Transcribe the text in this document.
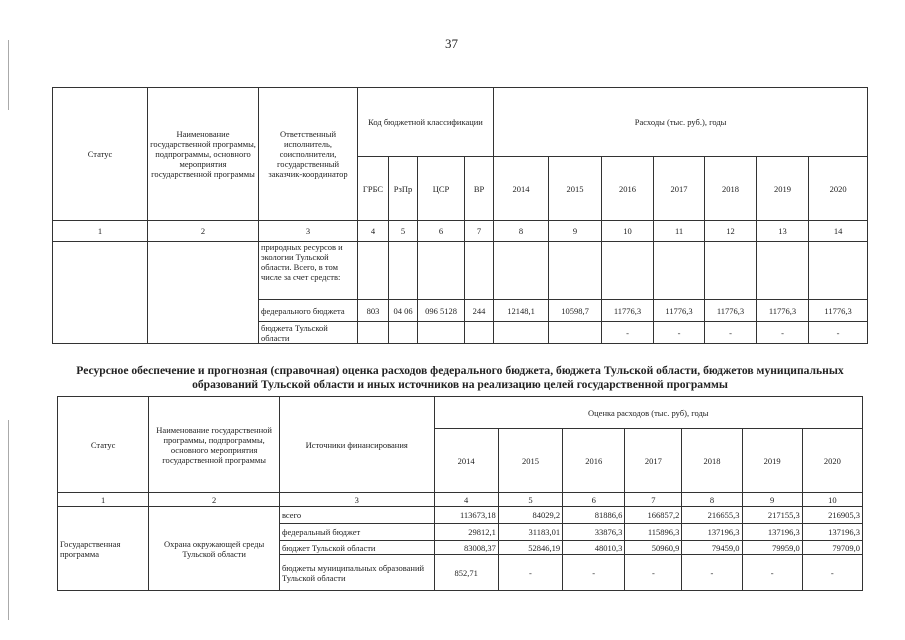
37
Статус	Наименование государственной программы, подпрограммы, основного мероприятия государственной программы	Ответственный исполнитель, соисполнители, государственный заказчик-координатор	Код бюджетной классификации				Расходы (тыс. руб.), годы						
			ГРБС	РзПр	ЦСР	ВР	2014	2015	2016	2017	2018	2019	2020
1	2	3	4	5	6	7	8	9	10	11	12	13	14
		природных ресурсов и экологии Тульской области. Всего, в том числе за счет средств:											
		федерального бюджета	803	04 06	096 5128	244	12148,1	10598,7	11776,3	11776,3	11776,3	11776,3	11776,3
		бюджета Тульской области							-	-	-	-	-
Ресурсное обеспечение и прогнозная (справочная) оценка расходов федерального бюджета, бюджета Тульской области, бюджетов муниципальных образований Тульской области и иных источников на реализацию целей государственной программы
Статус	Наименование государственной программы, подпрограммы, основного мероприятия государственной программы	Источники финансирования	Оценка расходов (тыс. руб), годы						
			2014	2015	2016	2017	2018	2019	2020
1	2	3	4	5	6	7	8	9	10
Государственная программа	Охрана окружающей среды Тульской области	всего	113673,18	84029,2	81886,6	166857,2	216655,3	217155,3	216905,3
		федеральный бюджет	29812,1	31183,01	33876,3	115896,3	137196,3	137196,3	137196,3
		бюджет Тульской области	83008,37	52846,19	48010,3	50960,9	79459,0	79959,0	79709,0
		бюджеты муниципальных образований Тульской области	852,71	-	-	-	-	-	-
